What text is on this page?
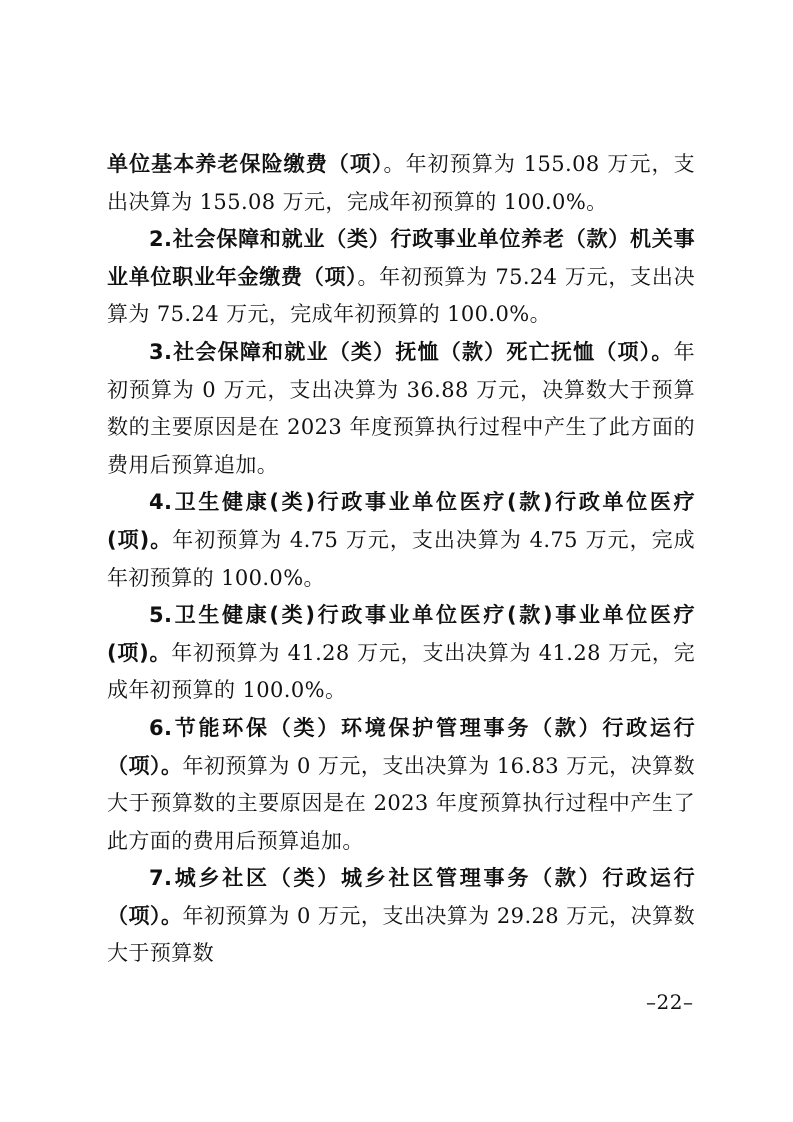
单位基本养老保险缴费（项）。年初预算为 155.08 万元，支出决算为 155.08 万元，完成年初预算的 100.0%。

2.社会保障和就业（类）行政事业单位养老（款）机关事业单位职业年金缴费（项）。年初预算为 75.24 万元，支出决算为 75.24 万元，完成年初预算的 100.0%。

3.社会保障和就业（类）抚恤（款）死亡抚恤（项）。年初预算为 0 万元，支出决算为 36.88 万元，决算数大于预算数的主要原因是在 2023 年度预算执行过程中产生了此方面的费用后预算追加。

4.卫生健康(类)行政事业单位医疗(款)行政单位医疗(项)。年初预算为 4.75 万元，支出决算为 4.75 万元，完成年初预算的 100.0%。

5.卫生健康(类)行政事业单位医疗(款)事业单位医疗(项)。年初预算为 41.28 万元，支出决算为 41.28 万元，完成年初预算的 100.0%。

6.节能环保（类）环境保护管理事务（款）行政运行（项）。年初预算为 0 万元，支出决算为 16.83 万元，决算数大于预算数的主要原因是在 2023 年度预算执行过程中产生了此方面的费用后预算追加。

7.城乡社区（类）城乡社区管理事务（款）行政运行（项）。年初预算为 0 万元，支出决算为 29.28 万元，决算数大于预算数

–22–
